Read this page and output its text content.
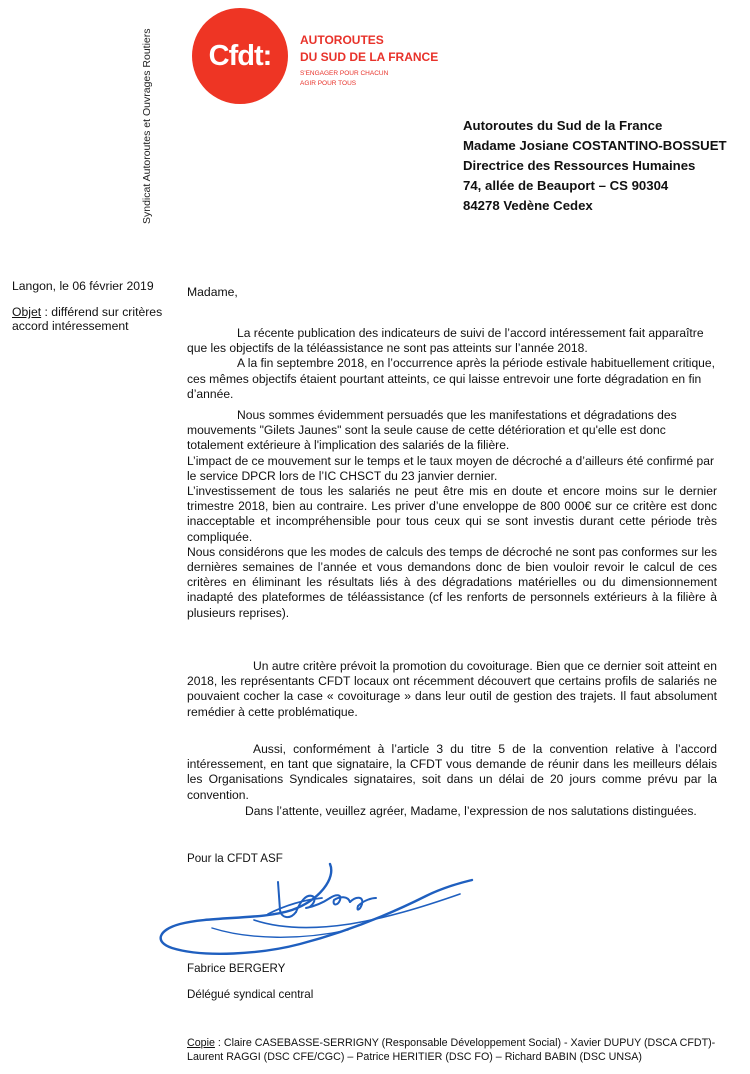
Syndicat Autoroutes et Ouvrages Routiers	Cfdt: AUTOROUTES
DU SUD DE LA FRANCE
S'ENGAGER POUR CHACUN
AGIR POUR TOUS
Autoroutes du Sud de la France
Madame Josiane COSTANTINO-BOSSUET
Directrice des Ressources Humaines
74, allée de Beauport – CS 90304
84278 Vedène Cedex
Langon, le 06 février 2019
Objet : différend sur critères
accord intéressement
Madame,

La récente publication des indicateurs de suivi de l’accord intéressement fait apparaître que les objectifs de la téléassistance ne sont pas atteints sur l’année 2018.

A la fin septembre 2018, en l’occurrence après la période estivale habituellement critique, ces mêmes objectifs étaient pourtant atteints, ce qui laisse entrevoir une forte dégradation en fin d’année.

Nous sommes évidemment persuadés que les manifestations et dégradations des mouvements "Gilets Jaunes" sont la seule cause de cette détérioration et qu'elle est donc totalement extérieure à l'implication des salariés de la filière.

L’impact de ce mouvement sur le temps et le taux moyen de décroché a d’ailleurs été confirmé par le service DPCR lors de l’IC CHSCT du 23 janvier dernier.

L’investissement de tous les salariés ne peut être mis en doute et encore moins sur le dernier trimestre 2018, bien au contraire. Les priver d’une enveloppe de 800 000€ sur ce critère est donc inacceptable et incompréhensible pour tous ceux qui se sont investis durant cette période très compliquée.

Nous considérons que les modes de calculs des temps de décroché ne sont pas conformes sur les dernières semaines de l’année et vous demandons donc de bien vouloir revoir le calcul de ces critères en éliminant les résultats liés à des dégradations matérielles ou du dimensionnement inadapté des plateformes de téléassistance (cf les renforts de personnels extérieurs à la filière à plusieurs reprises).

Un autre critère prévoit la promotion du covoiturage. Bien que ce dernier soit atteint en 2018, les représentants CFDT locaux ont récemment découvert que certains profils de salariés ne pouvaient cocher la case « covoiturage » dans leur outil de gestion des trajets. Il faut absolument remédier à cette problématique.

Aussi, conformément à l’article 3 du titre 5 de la convention relative à l’accord intéressement, en tant que signataire, la CFDT vous demande de réunir dans les meilleurs délais les Organisations Syndicales signataires, soit dans un délai de 20 jours comme prévu par la convention.

Dans l’attente, veuillez agréer, Madame, l’expression de nos salutations distinguées.

Pour la CFDT ASF
Fabrice BERGERY
Délégué syndical central
Copie : Claire CASEBASSE-SERRIGNY (Responsable Développement Social) - Xavier DUPUY (DSCA CFDT)-
Laurent RAGGI (DSC CFE/CGC) – Patrice HERITIER (DSC FO) – Richard BABIN (DSC UNSA)
